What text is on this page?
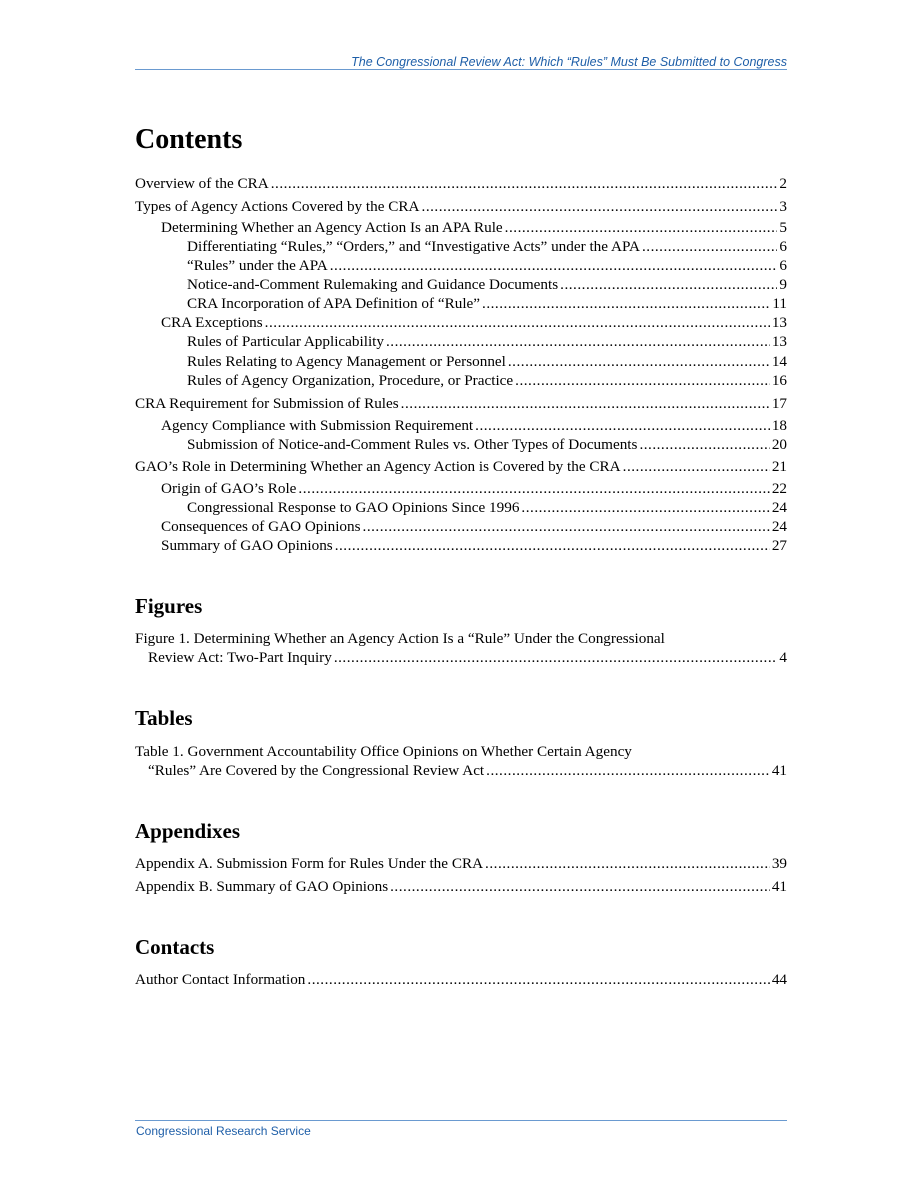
The Congressional Review Act: Which “Rules” Must Be Submitted to Congress
Contents
Overview of the CRA .....	2
Types of Agency Actions Covered by the CRA .....	3
Determining Whether an Agency Action Is an APA Rule .....	5
Differentiating “Rules,” “Orders,” and “Investigative Acts” under the APA .....	6
“Rules” under the APA .....	6
Notice-and-Comment Rulemaking and Guidance Documents .....	9
CRA Incorporation of APA Definition of “Rule” .....	11
CRA Exceptions .....	13
Rules of Particular Applicability .....	13
Rules Relating to Agency Management or Personnel .....	14
Rules of Agency Organization, Procedure, or Practice .....	16
CRA Requirement for Submission of Rules .....	17
Agency Compliance with Submission Requirement .....	18
Submission of Notice-and-Comment Rules vs. Other Types of Documents .....	20
GAO’s Role in Determining Whether an Agency Action is Covered by the CRA .....	21
Origin of GAO’s Role .....	22
Congressional Response to GAO Opinions Since 1996 .....	24
Consequences of GAO Opinions .....	24
Summary of GAO Opinions .....	27
Figures
Figure 1. Determining Whether an Agency Action Is a “Rule” Under the Congressional
Review Act: Two-Part Inquiry .....	4
Tables
Table 1. Government Accountability Office Opinions on Whether Certain Agency
“Rules” Are Covered by the Congressional Review Act .....	41
Appendixes
Appendix A. Submission Form for Rules Under the CRA .....	39
Appendix B. Summary of GAO Opinions .....	41
Contacts
Author Contact Information .....	44
Congressional Research Service
